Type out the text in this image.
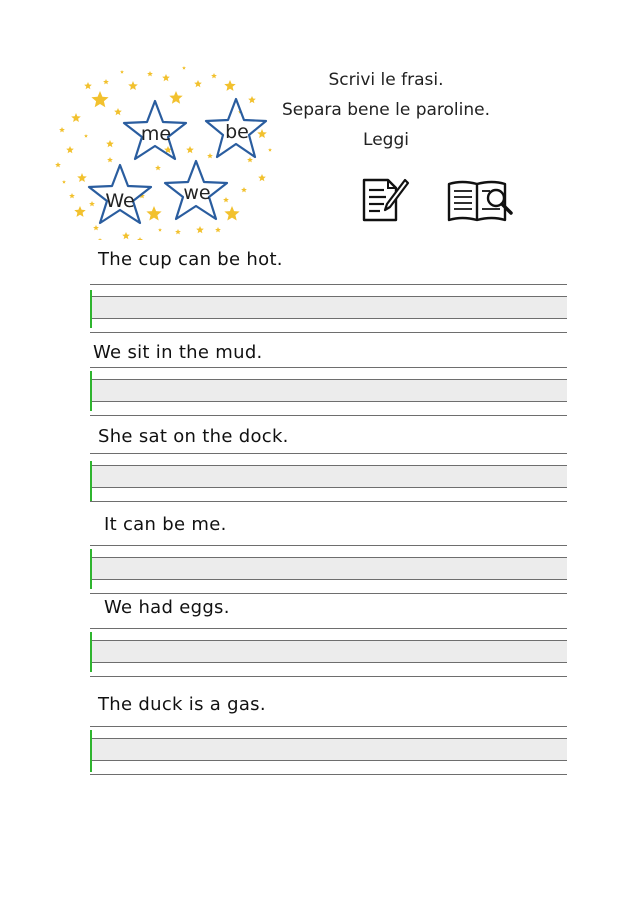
me	be
We	we
Scrivi le frasi.
Separa bene le paroline.
Leggi
The cup can be hot.
We sit in the mud.
She sat on the dock.
It can be me.
We had eggs.
The duck is a gas.
